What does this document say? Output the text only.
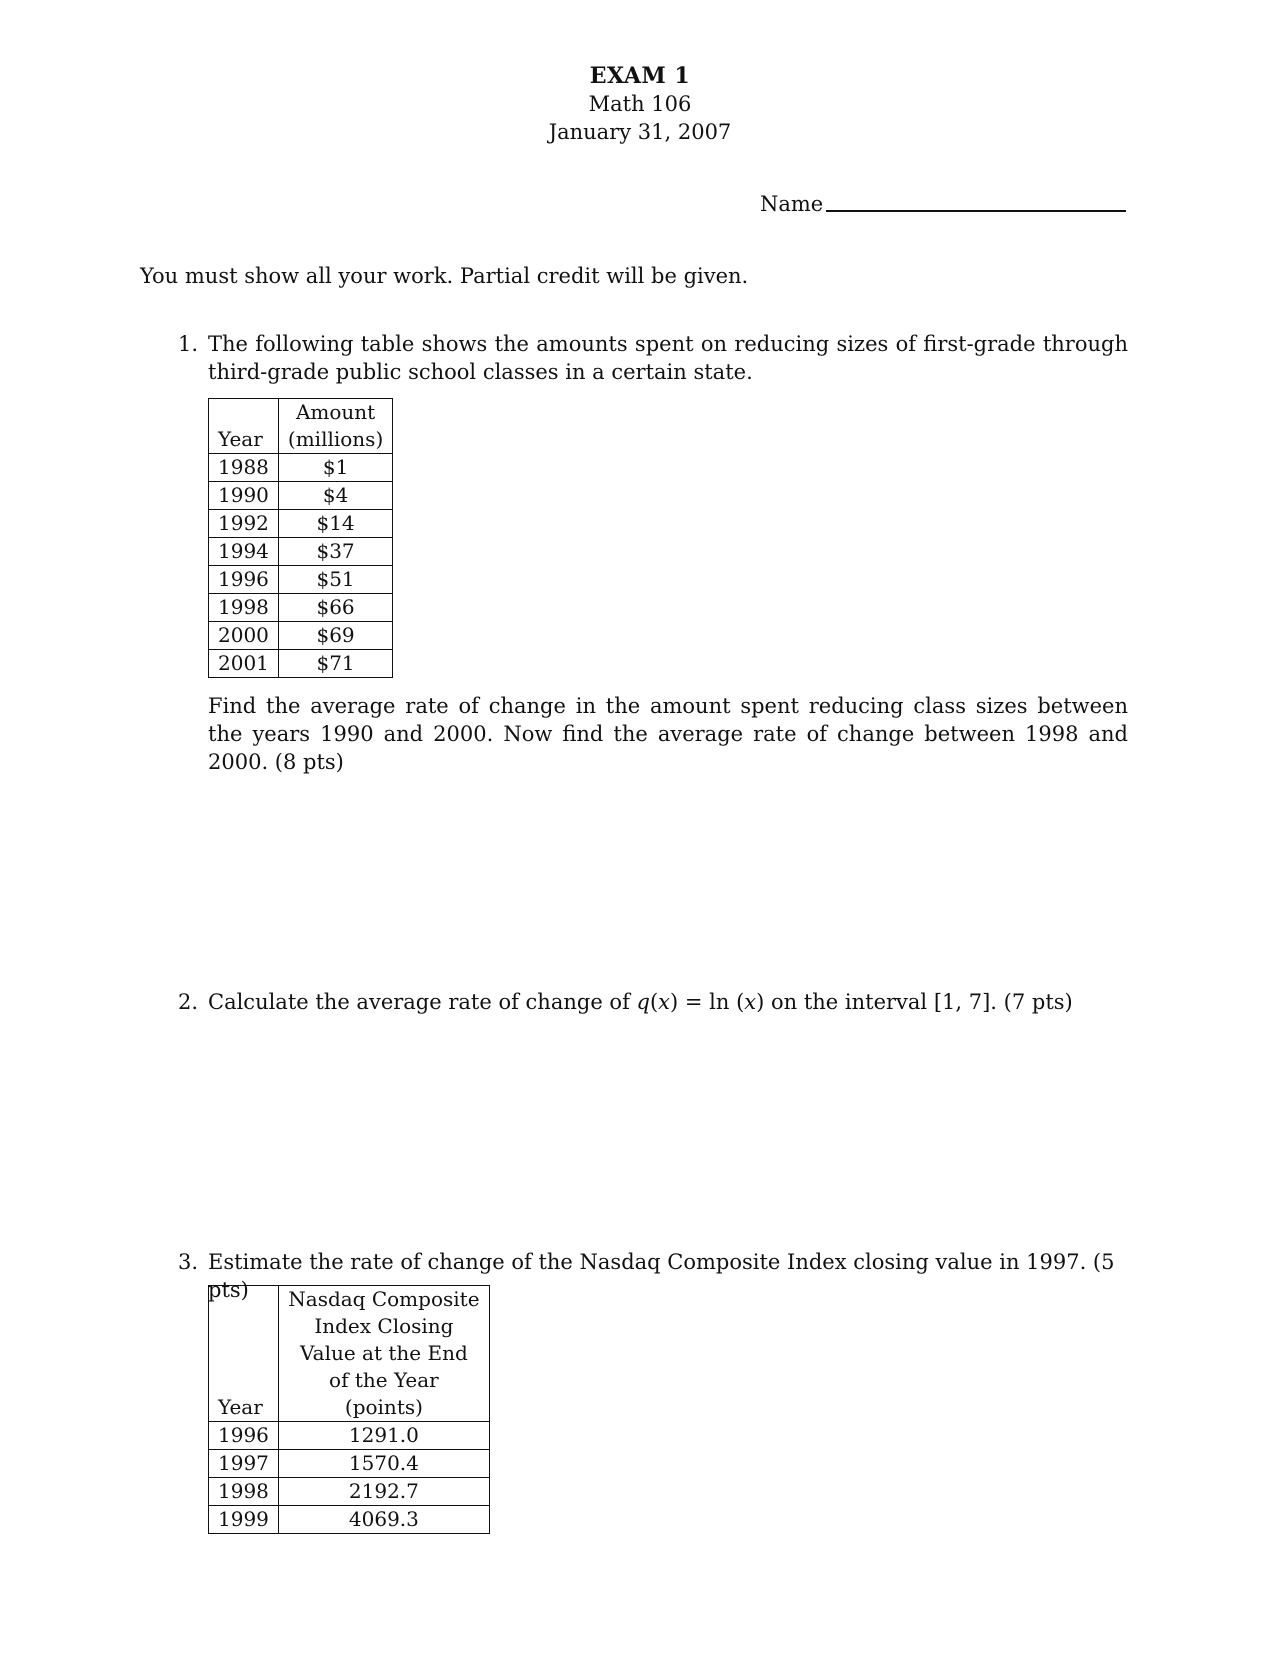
EXAM 1
Math 106
January 31, 2007
Name
You must show all your work. Partial credit will be given.
1. The following table shows the amounts spent on reducing sizes of first-grade through third-grade public school classes in a certain state.
Year	Amount
(millions)

1988	$1
1990	$4
1992	$14
1994	$37
1996	$51
1998	$66
2000	$69
2001	$71
Find the average rate of change in the amount spent reducing class sizes between the years 1990 and 2000. Now find the average rate of change between 1998 and 2000. (8 pts)
2. Calculate the average rate of change of q(x) = ln (x) on the interval [1, 7]. (7 pts)
3. Estimate the rate of change of the Nasdaq Composite Index closing value in 1997. (5 pts)
Year	Nasdaq Composite
Index Closing
Value at the End
of the Year
(points)

1996	1291.0
1997	1570.4
1998	2192.7
1999	4069.3
